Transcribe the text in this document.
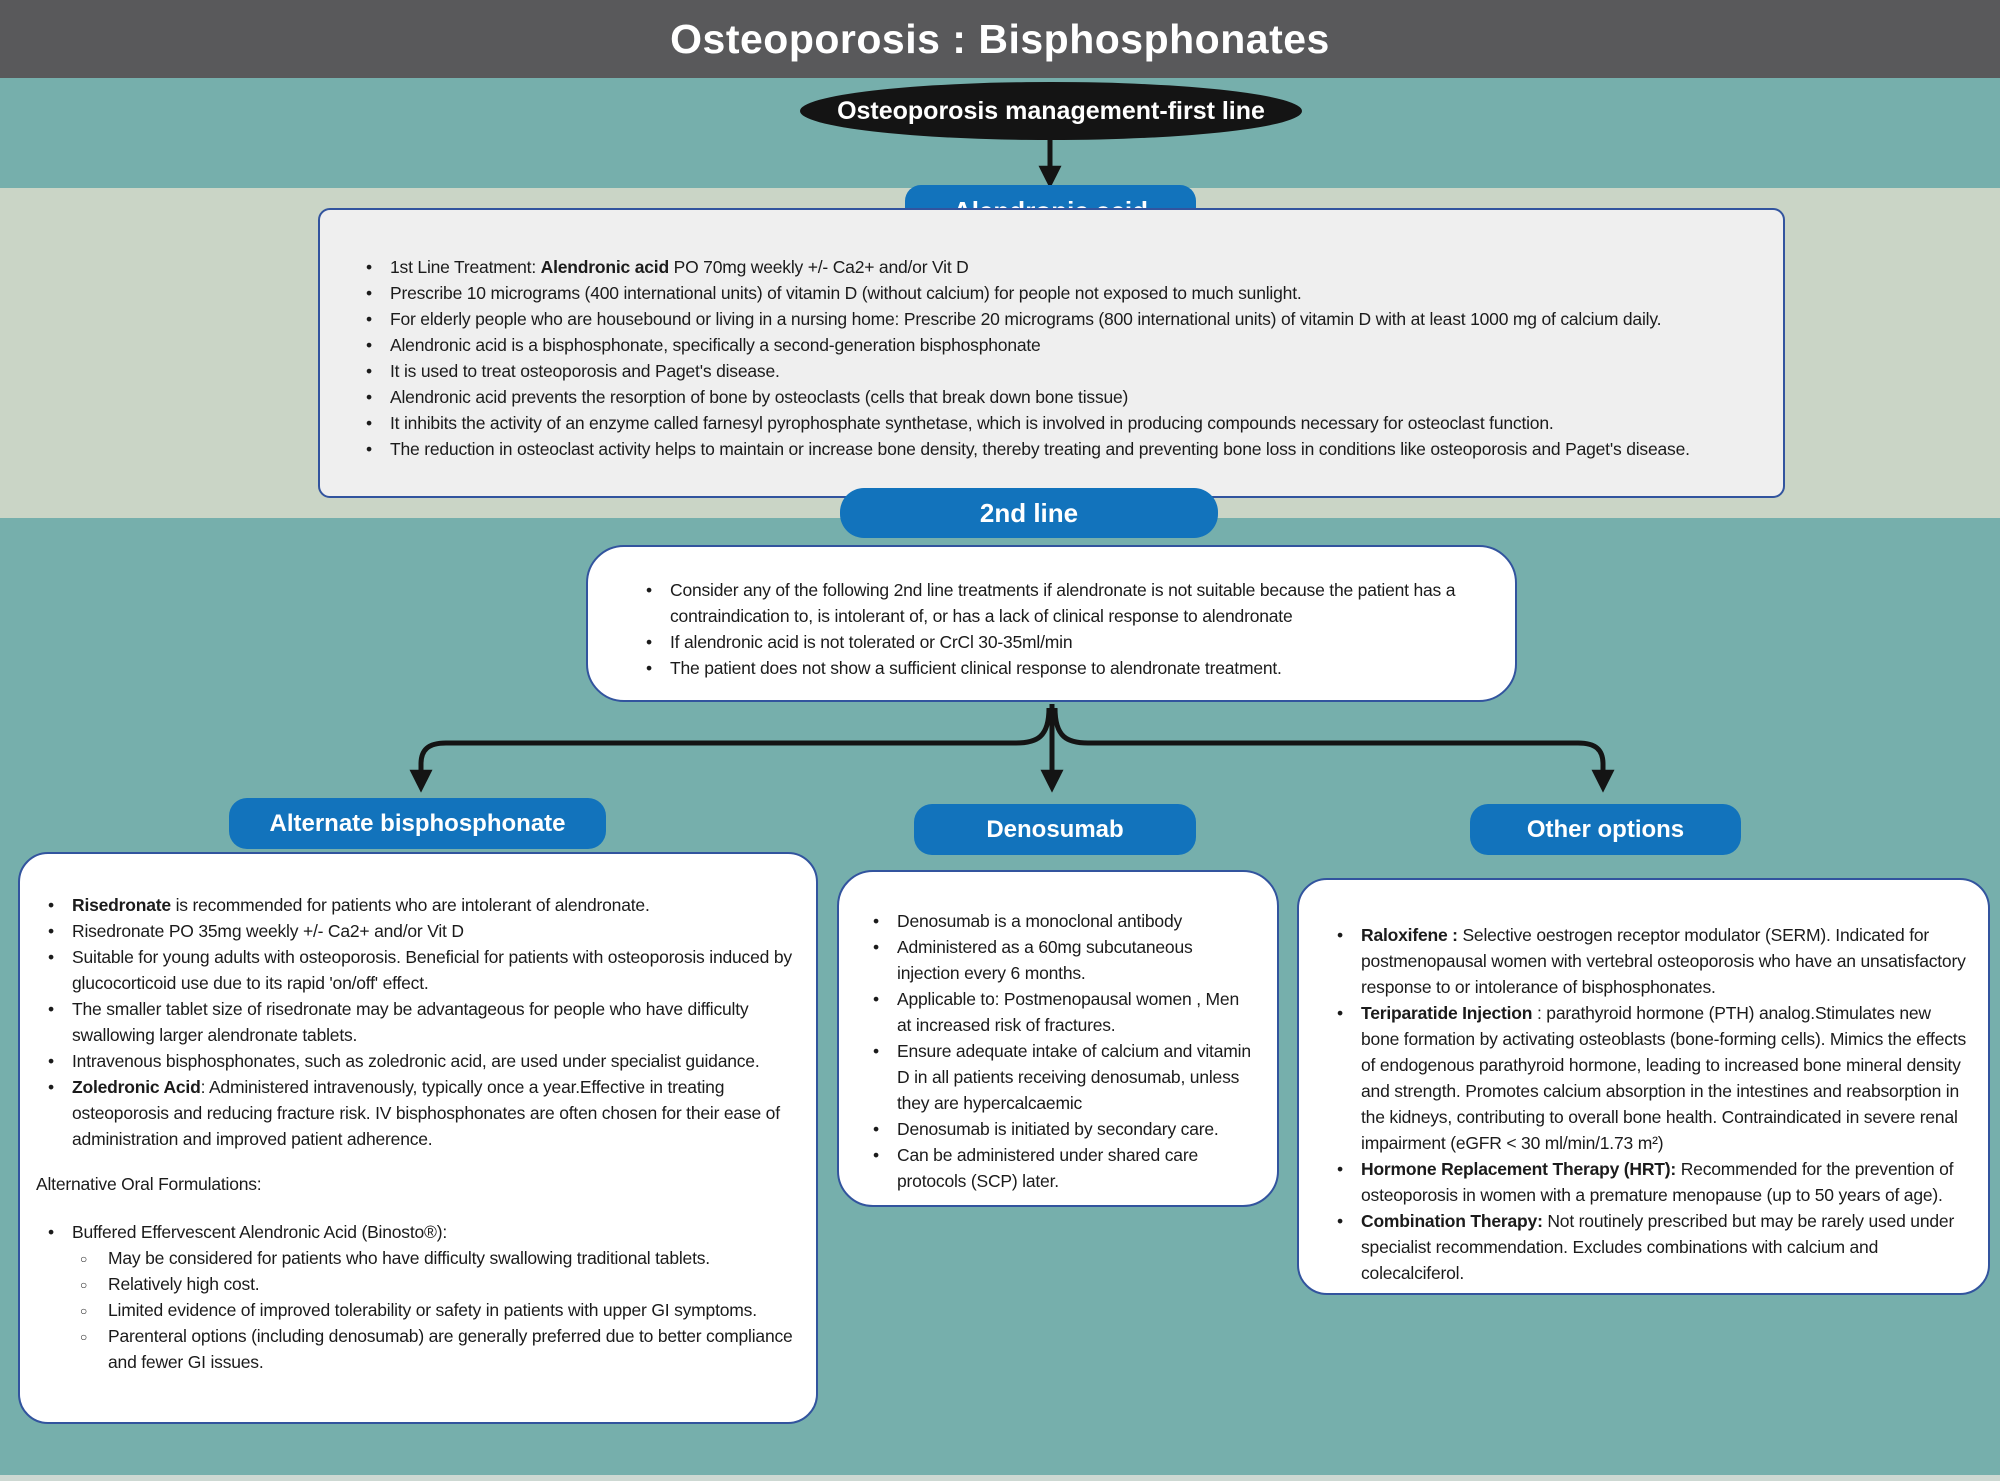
Osteoporosis : Bisphosphonates
Osteoporosis management-first line
• 1st Line Treatment: Alendronic acid PO 70mg weekly +/- Ca2+ and/or Vit D
• Prescribe 10 micrograms (400 international units) of vitamin D (without calcium) for people not exposed to much sunlight.
• For elderly people who are housebound or living in a nursing home: Prescribe 20 micrograms (800 international units) of vitamin D with at least 1000 mg of calcium daily.
• Alendronic acid is a bisphosphonate, specifically a second-generation bisphosphonate
• It is used to treat osteoporosis and Paget's disease.
• Alendronic acid prevents the resorption of bone by osteoclasts (cells that break down bone tissue)
• It inhibits the activity of an enzyme called farnesyl pyrophosphate synthetase, which is involved in producing compounds necessary for osteoclast function.
• The reduction in osteoclast activity helps to maintain or increase bone density, thereby treating and preventing bone loss in conditions like osteoporosis and Paget's disease.
2nd line
• Consider any of the following 2nd line treatments if alendronate is not suitable because the patient has a contraindication to, is intolerant of, or has a lack of clinical response to alendronate
• If alendronic acid is not tolerated or CrCl 30-35ml/min
• The patient does not show a sufficient clinical response to alendronate treatment.
Alternate bisphosphonate
• Risedronate is recommended for patients who are intolerant of alendronate.
• Risedronate PO 35mg weekly +/- Ca2+ and/or Vit D
• Suitable for young adults with osteoporosis. Beneficial for patients with osteoporosis induced by glucocorticoid use due to its rapid 'on/off' effect.
• The smaller tablet size of risedronate may be advantageous for people who have difficulty swallowing larger alendronate tablets.
• Intravenous bisphosphonates, such as zoledronic acid, are used under specialist guidance.
• Zoledronic Acid: Administered intravenously, typically once a year.Effective in treating osteoporosis and reducing fracture risk. IV bisphosphonates are often chosen for their ease of administration and improved patient adherence.

Alternative Oral Formulations:

• Buffered Effervescent Alendronic Acid (Binosto®):
○ May be considered for patients who have difficulty swallowing traditional tablets.
○ Relatively high cost.
○ Limited evidence of improved tolerability or safety in patients with upper GI symptoms.
○ Parenteral options (including denosumab) are generally preferred due to better compliance and fewer GI issues.
Denosumab
• Denosumab is a monoclonal antibody
• Administered as a 60mg subcutaneous injection every 6 months.
• Applicable to: Postmenopausal women , Men at increased risk of fractures.
• Ensure adequate intake of calcium and vitamin D in all patients receiving denosumab, unless they are hypercalcaemic
• Denosumab is initiated by secondary care.
• Can be administered under shared care protocols (SCP) later.
Other options
• Raloxifene : Selective oestrogen receptor modulator (SERM). Indicated for postmenopausal women with vertebral osteoporosis who have an unsatisfactory response to or intolerance of bisphosphonates.
• Teriparatide Injection : parathyroid hormone (PTH) analog.Stimulates new bone formation by activating osteoblasts (bone-forming cells). Mimics the effects of endogenous parathyroid hormone, leading to increased bone mineral density and strength. Promotes calcium absorption in the intestines and reabsorption in the kidneys, contributing to overall bone health. Contraindicated in severe renal impairment (eGFR < 30 ml/min/1.73 m²)
• Hormone Replacement Therapy (HRT): Recommended for the prevention of osteoporosis in women with a premature menopause (up to 50 years of age).
• Combination Therapy: Not routinely prescribed but may be rarely used under specialist recommendation. Excludes combinations with calcium and colecalciferol.
